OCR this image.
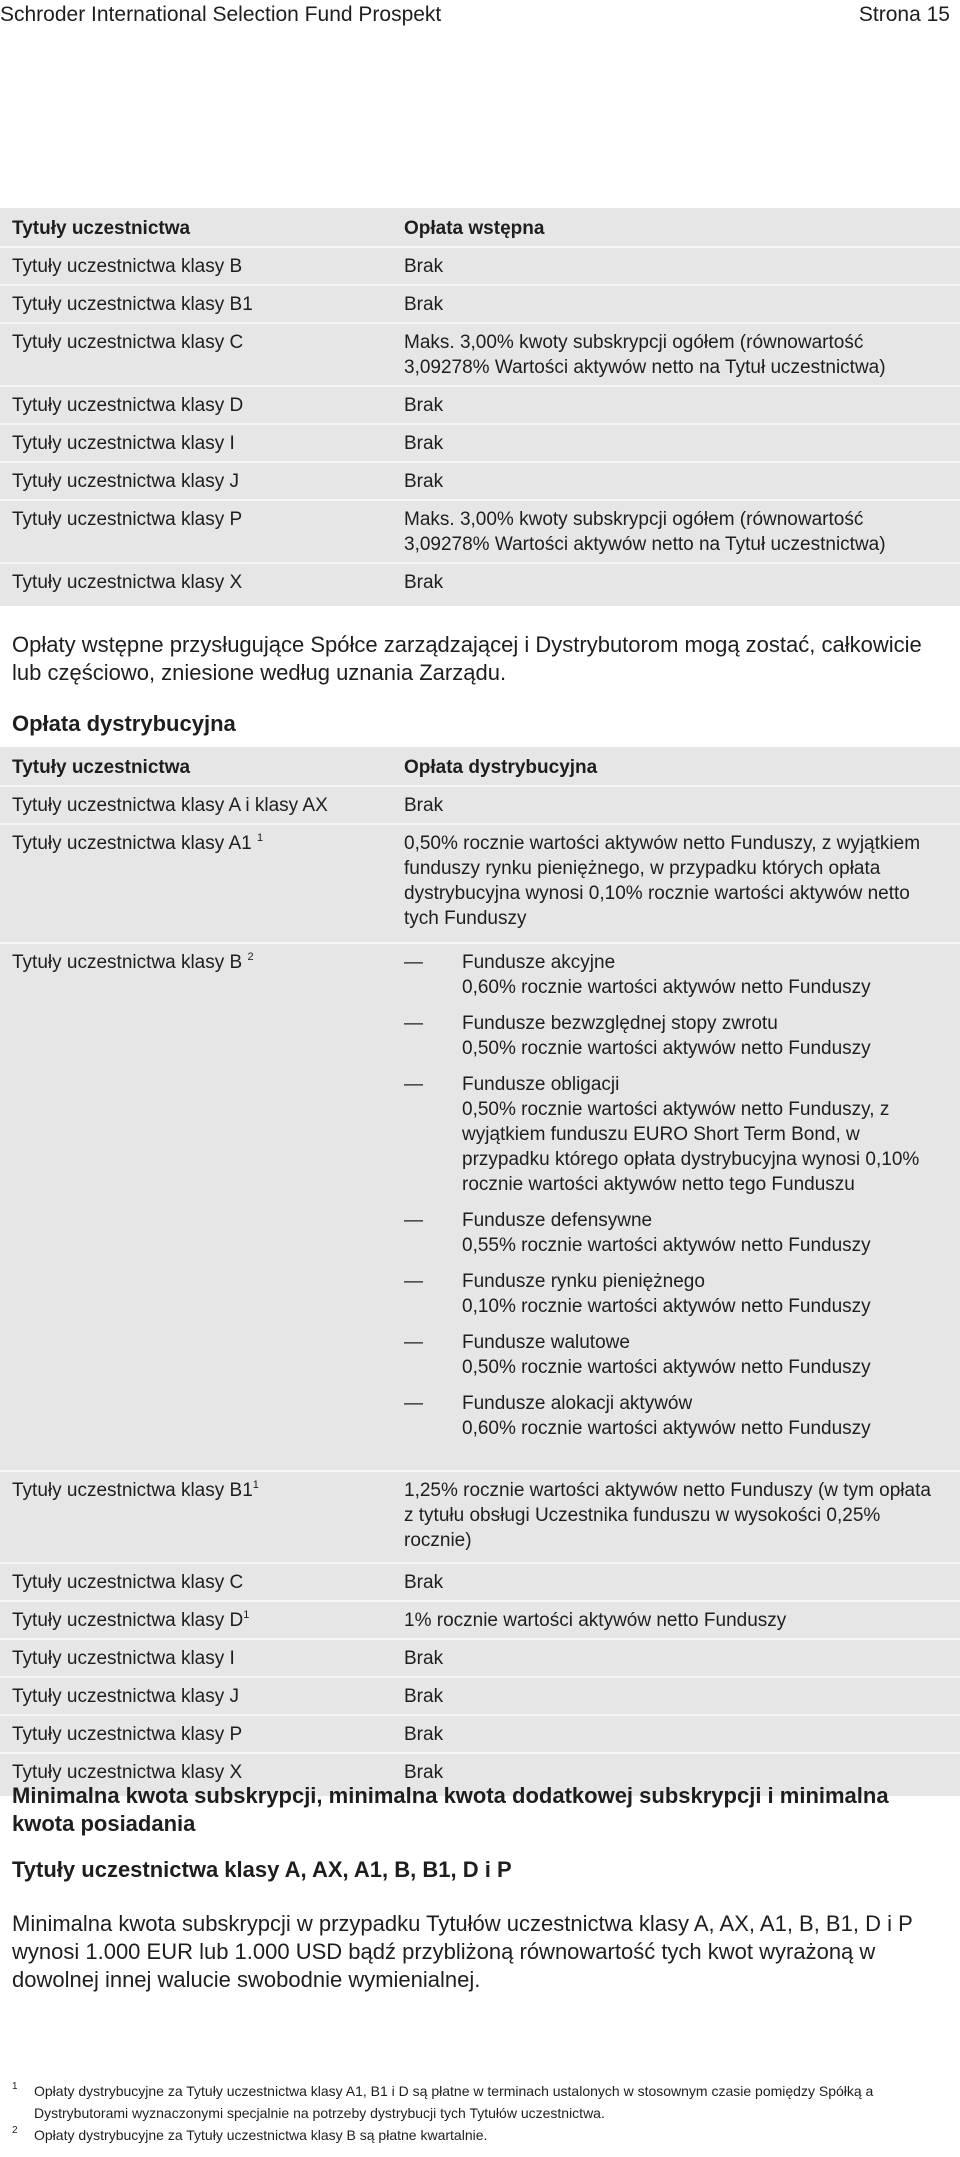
Schroder International Selection Fund Prospekt	Strona 15
Tytuły uczestnictwa	Opłata wstępna
Tytuły uczestnictwa klasy B	Brak
Tytuły uczestnictwa klasy B1	Brak
Tytuły uczestnictwa klasy C	Maks. 3,00% kwoty subskrypcji ogółem (równowartość 3,09278% Wartości aktywów netto na Tytuł uczestnictwa)
Tytuły uczestnictwa klasy D	Brak
Tytuły uczestnictwa klasy I	Brak
Tytuły uczestnictwa klasy J	Brak
Tytuły uczestnictwa klasy P	Maks. 3,00% kwoty subskrypcji ogółem (równowartość 3,09278% Wartości aktywów netto na Tytuł uczestnictwa)
Tytuły uczestnictwa klasy X	Brak
Opłaty wstępne przysługujące Spółce zarządzającej i Dystrybutorom mogą zostać, całkowicie lub częściowo, zniesione według uznania Zarządu.
Opłata dystrybucyjna
Tytuły uczestnictwa	Opłata dystrybucyjna
Tytuły uczestnictwa klasy A i klasy AX	Brak
Tytuły uczestnictwa klasy A1 $^1$	0,50% rocznie wartości aktywów netto Funduszy, z wyjątkiem funduszy rynku pieniężnego, w przypadku których opłata dystrybucyjna wynosi 0,10% rocznie wartości aktywów netto tych Funduszy
Tytuły uczestnictwa klasy B $^2$	— Fundusze akcyjne
0,60% rocznie wartości aktywów netto Funduszy
— Fundusze bezwzględnej stopy zwrotu
0,50% rocznie wartości aktywów netto Funduszy
— Fundusze obligacji
0,50% rocznie wartości aktywów netto Funduszy, z wyjątkiem funduszu EURO Short Term Bond, w przypadku którego opłata dystrybucyjna wynosi 0,10% rocznie wartości aktywów netto tego Funduszu
— Fundusze defensywne
0,55% rocznie wartości aktywów netto Funduszy
— Fundusze rynku pieniężnego
0,10% rocznie wartości aktywów netto Funduszy
— Fundusze walutowe
0,50% rocznie wartości aktywów netto Funduszy
— Fundusze alokacji aktywów
0,60% rocznie wartości aktywów netto Funduszy
Tytuły uczestnictwa klasy $B1^1$	1,25% rocznie wartości aktywów netto Funduszy (w tym opłata z tytułu obsługi Uczestnika funduszu w wysokości 0,25% rocznie)
Tytuły uczestnictwa klasy C	Brak
Tytuły uczestnictwa klasy $D^1$	1% rocznie wartości aktywów netto Funduszy
Tytuły uczestnictwa klasy I	Brak
Tytuły uczestnictwa klasy J	Brak
Tytuły uczestnictwa klasy P	Brak
Tytuły uczestnictwa klasy X	Brak
Minimalna kwota subskrypcji, minimalna kwota dodatkowej subskrypcji i minimalna kwota posiadania
Tytuły uczestnictwa klasy A, AX, A1, B, B1, D i P
Minimalna kwota subskrypcji w przypadku Tytułów uczestnictwa klasy A, AX, A1, B, B1, D i P wynosi 1.000 EUR lub 1.000 USD bądź przybliżoną równowartość tych kwot wyrażoną w dowolnej innej walucie swobodnie wymienialnej.
1 Opłaty dystrybucyjne za Tytuły uczestnictwa klasy A1, B1 i D są płatne w terminach ustalonych w stosownym czasie pomiędzy Spółką a Dystrybutorami wyznaczonymi specjalnie na potrzeby dystrybucji tych Tytułów uczestnictwa.
2 Opłaty dystrybucyjne za Tytuły uczestnictwa klasy B są płatne kwartalnie.
